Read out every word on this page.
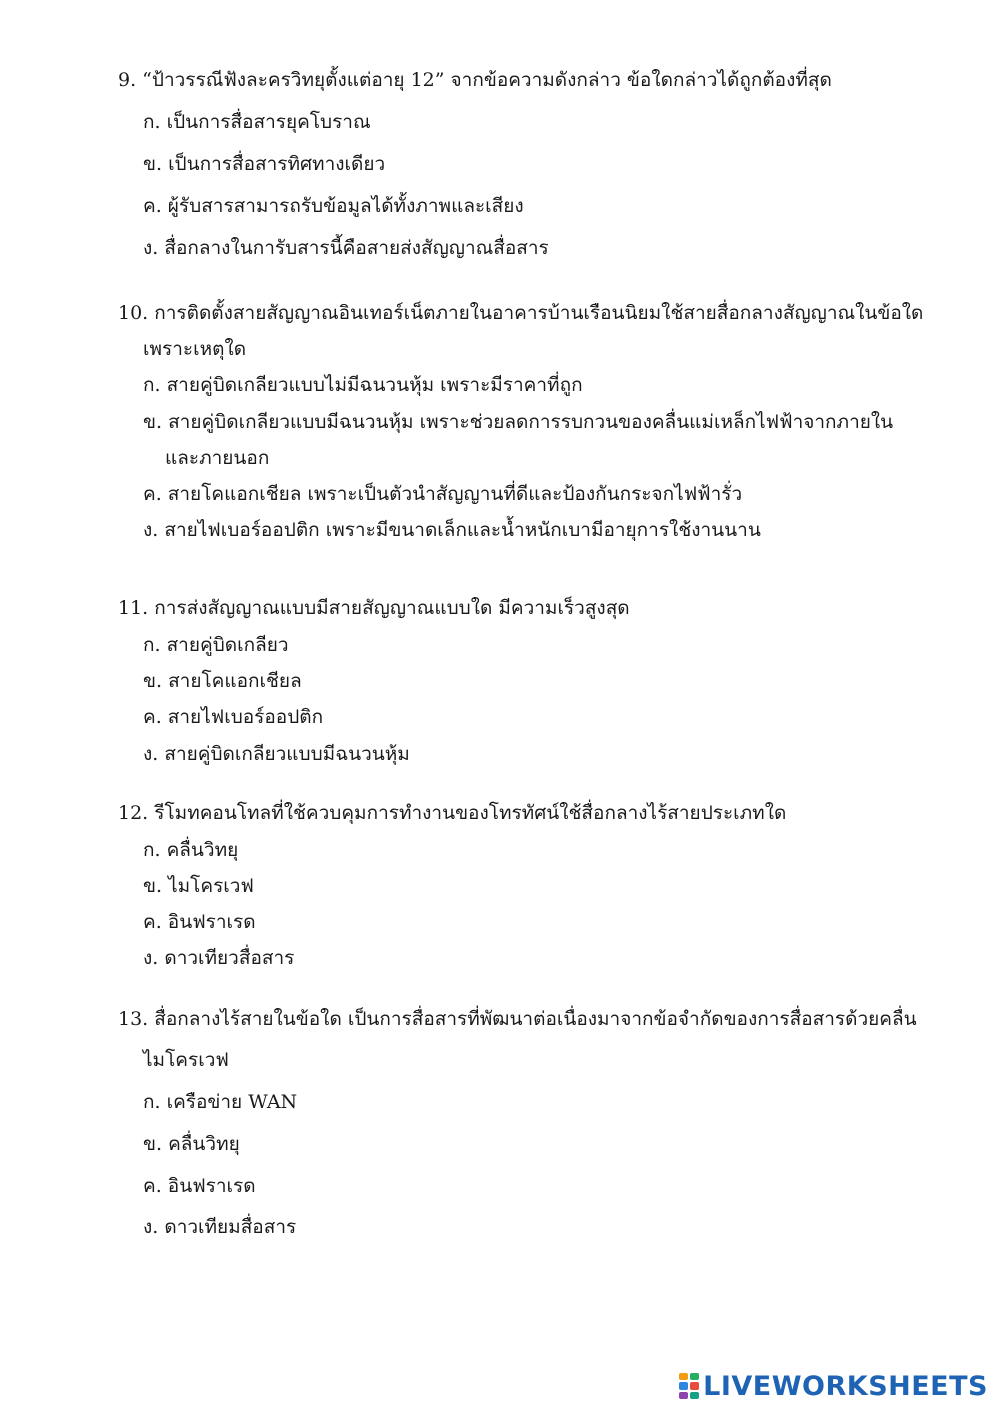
9. “ป้าวรรณีฟังละครวิทยุตั้งแต่อายุ 12” จากข้อความดังกล่าว ข้อใดกล่าวได้ถูกต้องที่สุด
ก. เป็นการสื่อสารยุคโบราณ
ข. เป็นการสื่อสารทิศทางเดียว
ค. ผู้รับสารสามารถรับข้อมูลได้ทั้งภาพและเสียง
ง. สื่อกลางในการับสารนี้คือสายส่งสัญญาณสื่อสาร
10. การติดตั้งสายสัญญาณอินเทอร์เน็ตภายในอาคารบ้านเรือนนิยมใช้สายสื่อกลางสัญญาณในข้อใด
เพราะเหตุใด
ก. สายคู่บิดเกลียวแบบไม่มีฉนวนหุ้ม เพราะมีราคาที่ถูก
ข. สายคู่บิดเกลียวแบบมีฉนวนหุ้ม เพราะช่วยลดการรบกวนของคลื่นแม่เหล็กไฟฟ้าจากภายใน
และภายนอก
ค. สายโคแอกเชียล เพราะเป็นตัวนำสัญญานที่ดีและป้องกันกระจกไฟฟ้ารั่ว
ง. สายไฟเบอร์ออปติก เพราะมีขนาดเล็กและน้ำหนักเบามีอายุการใช้งานนาน
11. การส่งสัญญาณแบบมีสายสัญญาณแบบใด มีความเร็วสูงสุด
ก. สายคู่บิดเกลียว
ข. สายโคแอกเชียล
ค. สายไฟเบอร์ออปติก
ง. สายคู่บิดเกลียวแบบมีฉนวนหุ้ม
12. รีโมทคอนโทลที่ใช้ควบคุมการทำงานของโทรทัศน์ใช้สื่อกลางไร้สายประเภทใด
ก. คลื่นวิทยุ
ข. ไมโครเวฟ
ค. อินฟราเรด
ง. ดาวเทียวสื่อสาร
13. สื่อกลางไร้สายในข้อใด เป็นการสื่อสารที่พัฒนาต่อเนื่องมาจากข้อจำกัดของการสื่อสารด้วยคลื่น
ไมโครเวฟ
ก. เครือข่าย WAN
ข. คลื่นวิทยุ
ค. อินฟราเรด
ง. ดาวเทียมสื่อสาร
LIVEWORKSHEETS
